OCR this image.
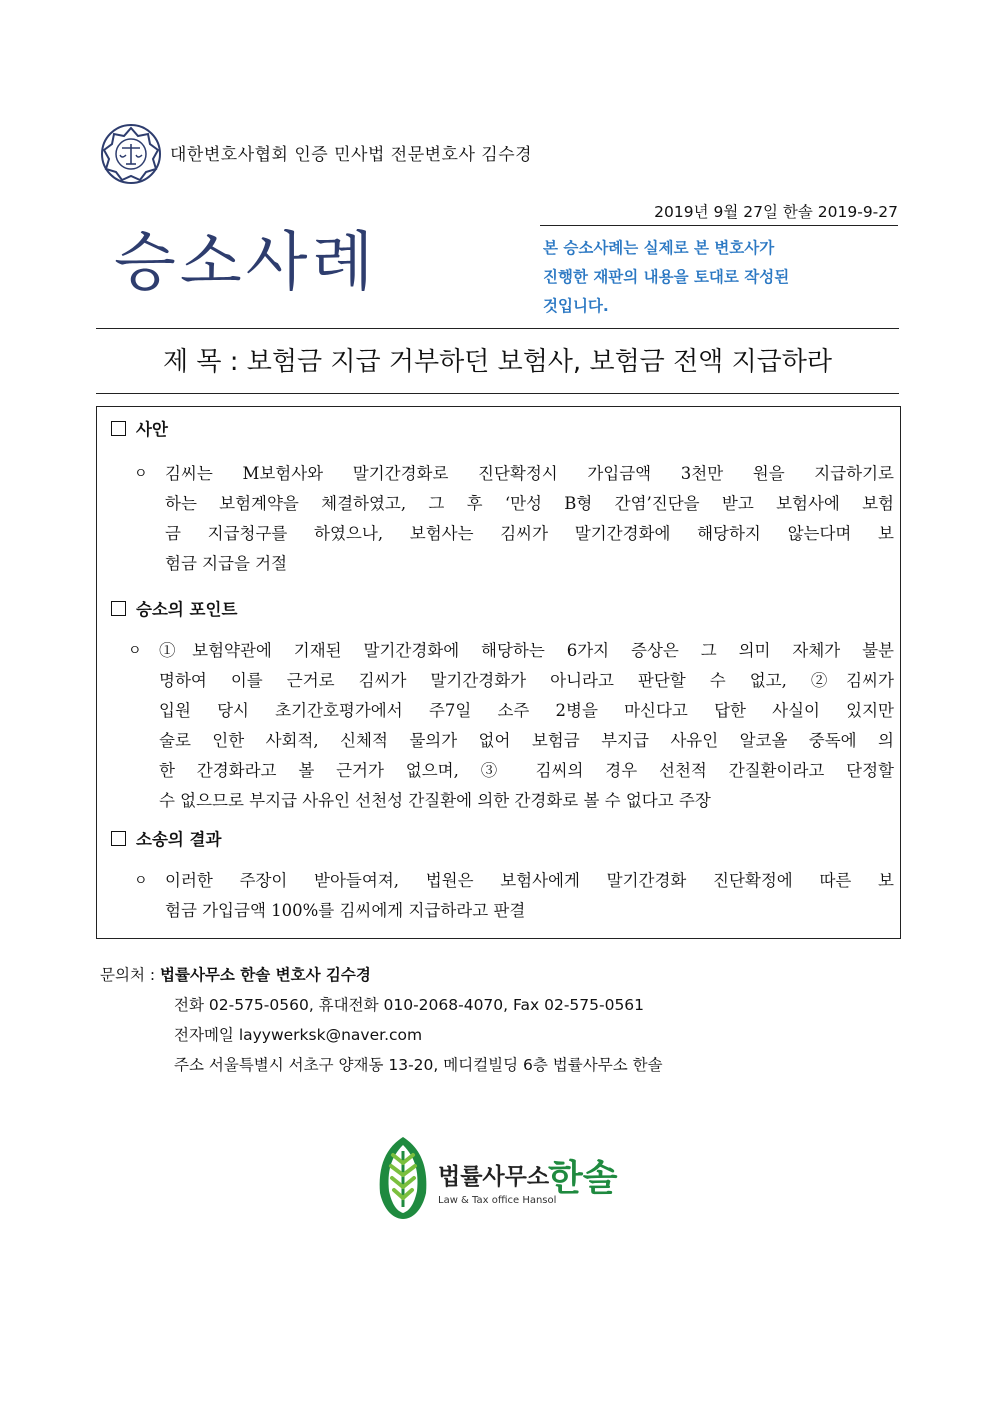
대한변호사협회 인증 민사법 전문변호사 김수경
2019년 9월 27일 한솔 2019-9-27
승소사례	본 승소사례는 실제로 본 변호사가
진행한 재판의 내용을 토대로 작성된
것입니다.
제 목 : 보험금 지급 거부하던 보험사, 보험금 전액 지급하라
사안
ㅇ 김씨는 M보험사와 말기간경화로 진단확정시 가입금액 3천만 원을 지급하기로
하는 보험계약을 체결하였고, 그 후 ‘만성 B형 간염’진단을 받고 보험사에 보험
금 지급청구를 하였으나, 보험사는 김씨가 말기간경화에 해당하지 않는다며 보
험금 지급을 거절
승소의 포인트
ㅇ ①보험약관에 기재된 말기간경화에 해당하는 6가지 증상은 그 의미 자체가 불분
명하여 이를 근거로 김씨가 말기간경화가 아니라고 판단할 수 없고, ②김씨가
입원 당시 초기간호평가에서 주7일 소주 2병을 마신다고 답한 사실이 있지만
술로 인한 사회적, 신체적 물의가 없어 보험금 부지급 사유인 알코올 중독에 의
한 간경화라고 볼 근거가 없으며, ③ 김씨의 경우 선천적 간질환이라고 단정할
수 없으므로 부지급 사유인 선천성 간질환에 의한 간경화로 볼 수 없다고 주장
소송의 결과
ㅇ 이러한 주장이 받아들여져, 법원은 보험사에게 말기간경화 진단확정에 따른 보
험금 가입금액 100%를 김씨에게 지급하라고 판결
문의처 : 법률사무소 한솔 변호사 김수경
전화 02-575-0560, 휴대전화 010-2068-4070, Fax 02-575-0561
전자메일 layywerksk@naver.com
주소 서울특별시 서초구 양재동 13-20, 메디컬빌딩 6층 법률사무소 한솔
법률사무소
한솔
Law & Tax office Hansol
